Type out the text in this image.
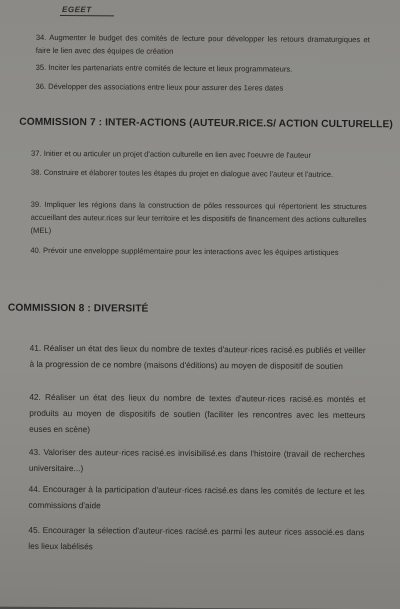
EGEET
34. Augmenter le budget des comités de lecture pour développer les retours dramaturgiques et faire le lien avec des équipes de création
35. Inciter les partenariats entre comités de lecture et lieux programmateurs.
36. Développer des associations entre lieux pour assurer des 1eres dates
COMMISSION 7 : INTER-ACTIONS (AUTEUR.RICE.S/ ACTION CULTURELLE)
37. Initier et ou articuler un projet d'action culturelle en lien avec l'oeuvre de l'auteur
38. Construire et élaborer toutes les étapes du projet en dialogue avec l'auteur et l'autrice.
39. Impliquer les régions dans la construction de pôles ressources qui répertorient les structures accueillant des auteur.rices sur leur territoire et les dispositifs de financement des actions culturelles (MEL)
40. Prévoir une enveloppe supplémentaire pour les interactions avec les équipes artistiques
COMMISSION 8 : DIVERSITÉ
41. Réaliser un état des lieux du nombre de textes d'auteur·rices racisé.es publiés et veiller à la progression de ce nombre (maisons d'éditions) au moyen de dispositif de soutien
42. Réaliser un état des lieux du nombre de textes d'auteur·rices racisé.es montés et produits au moyen de dispositifs de soutien (faciliter les rencontres avec les metteurs euses en scène)
43. Valoriser des auteur·rices racisé.es invisibilisé.es dans l'histoire (travail de recherches universitaire...)
44. Encourager à la participation d'auteur·rices racisé.es dans les comités de lecture et les commissions d'aide
45. Encourager la sélection d'auteur·rices racisé.es parmi les auteur rices associé.es dans les lieux labélisés
